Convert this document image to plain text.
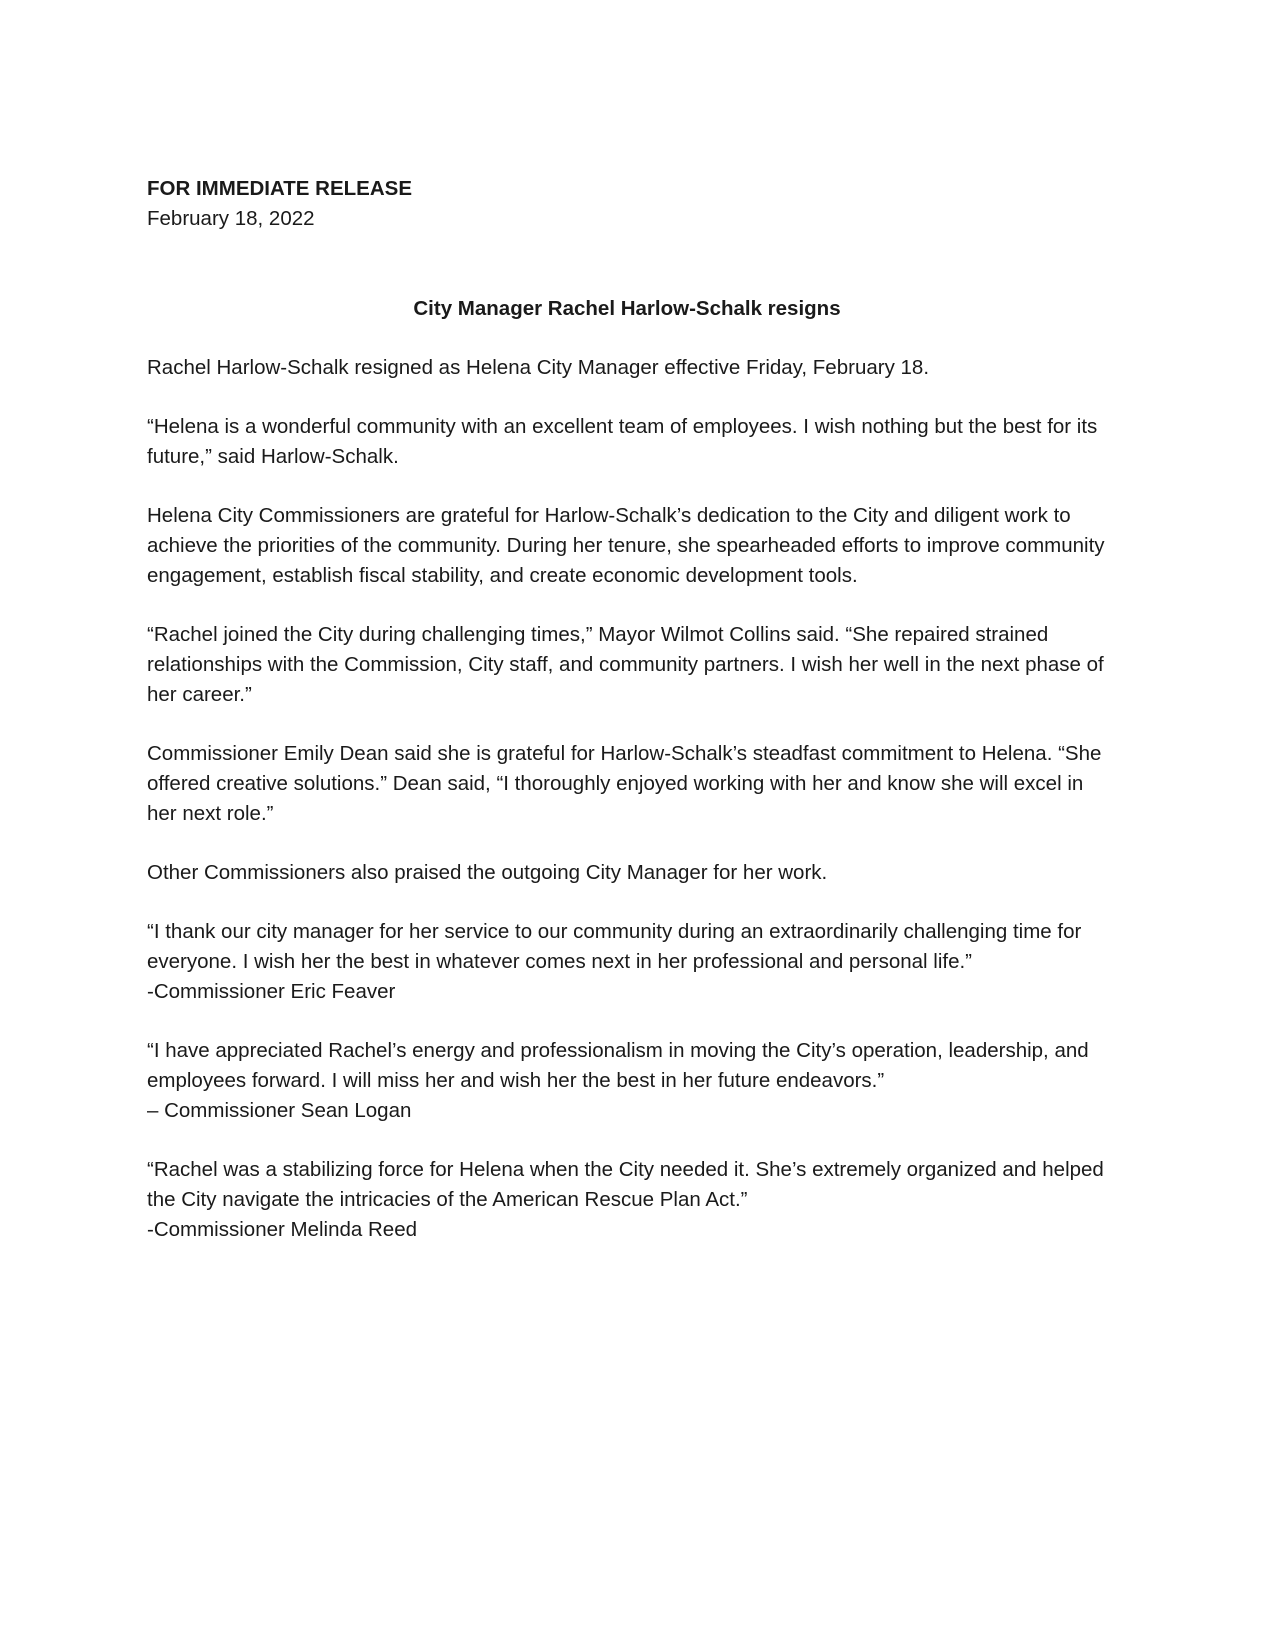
FOR IMMEDIATE RELEASE

February 18, 2022

City Manager Rachel Harlow-Schalk resigns

Rachel Harlow-Schalk resigned as Helena City Manager effective Friday, February 18.

“Helena is a wonderful community with an excellent team of employees. I wish nothing but the best for its future,” said Harlow-Schalk.

Helena City Commissioners are grateful for Harlow-Schalk’s dedication to the City and diligent work to achieve the priorities of the community. During her tenure, she spearheaded efforts to improve community engagement, establish fiscal stability, and create economic development tools.

“Rachel joined the City during challenging times,” Mayor Wilmot Collins said. “She repaired strained relationships with the Commission, City staff, and community partners. I wish her well in the next phase of her career.”

Commissioner Emily Dean said she is grateful for Harlow-Schalk’s steadfast commitment to Helena. “She offered creative solutions.” Dean said, “I thoroughly enjoyed working with her and know she will excel in her next role.”

Other Commissioners also praised the outgoing City Manager for her work.

“I thank our city manager for her service to our community during an extraordinarily challenging time for everyone. I wish her the best in whatever comes next in her professional and personal life.”
-Commissioner Eric Feaver

“I have appreciated Rachel’s energy and professionalism in moving the City’s operation, leadership, and employees forward. I will miss her and wish her the best in her future endeavors.”
– Commissioner Sean Logan

“Rachel was a stabilizing force for Helena when the City needed it. She’s extremely organized and helped the City navigate the intricacies of the American Rescue Plan Act.”
-Commissioner Melinda Reed
